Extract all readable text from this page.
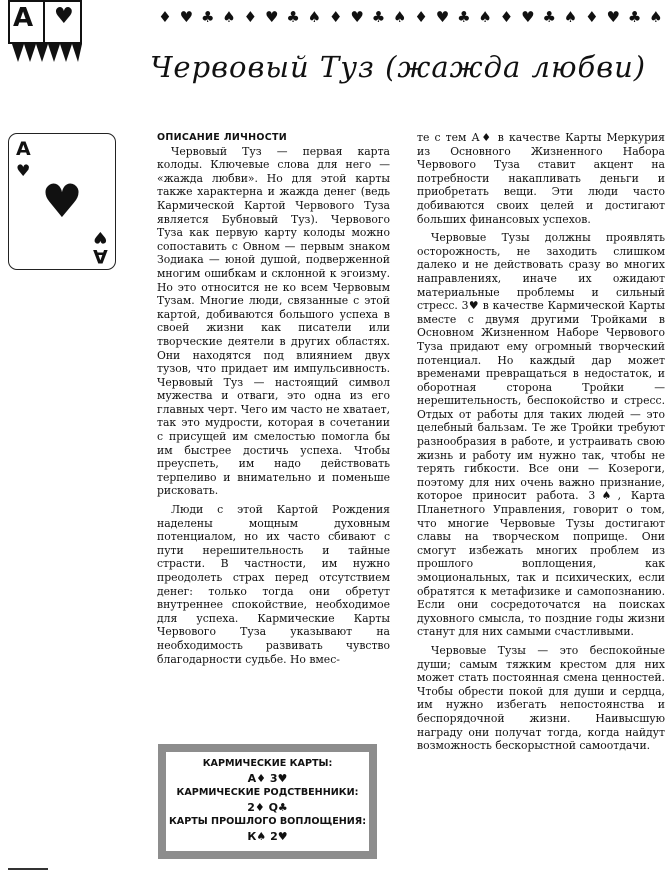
A ♥	♦ ♥ ♣ ♠ ♦ ♥ ♣ ♠ ♦ ♥ ♣ ♠ ♦ ♥ ♣ ♠ ♦ ♥ ♣ ♠ ♦ ♥ ♣ ♠
Червовый Туз (жажда любви)
A
♥
♥
A
♥

ОПИСАНИЕ ЛИЧНОСТИ

Червовый Туз — первая карта колоды. Ключевые слова для него — «жажда любви». Но для этой карты также характерна и жажда денег (ведь Кармической Картой Червового Туза является Бубновый Туз). Червового Туза как первую карту колоды можно сопоставить с Овном — первым знаком Зодиака — юной душой, подверженной многим ошибкам и склонной к эгоизму. Но это относится не ко всем Червовым Тузам. Многие люди, связанные с этой картой, добиваются большого успеха в своей жизни как писатели или творческие деятели в других областях. Они находятся под влиянием двух тузов, что придает им импульсивность. Червовый Туз — настоящий символ мужества и отваги, это одна из его главных черт. Чего им часто не хватает, так это мудрости, которая в сочетании с присущей им смелостью помогла бы им быстрее достичь успеха. Чтобы преуспеть, им надо действовать терпеливо и внимательно и поменьше рисковать.

Люди с этой Картой Рождения наделены мощным духовным потенциалом, но их часто сбивают с пути нерешительность и тайные страсти. В частности, им нужно преодолеть страх перед отсутствием денег: только тогда они обретут внутреннее спокойствие, необходимое для успеха. Кармические Карты Червового Туза указывают на необходимость развивать чувство благодарности судьбе. Но вмес-

те с тем А♦ в качестве Карты Меркурия из Основного Жизненного Набора Червового Туза ставит акцент на потребности накапливать деньги и приобретать вещи. Эти люди часто добиваются своих целей и достигают больших финансовых успехов.

Червовые Тузы должны проявлять осторожность, не заходить слишком далеко и не действовать сразу во многих направлениях, иначе их ожидают материальные проблемы и сильный стресс. 3♥ в качестве Кармической Карты вместе с двумя другими Тройками в Основном Жизненном Наборе Червового Туза придают ему огромный творческий потенциал. Но каждый дар может временами превращаться в недостаток, и оборотная сторона Тройки — нерешительность, беспокойство и стресс. Отдых от работы для таких людей — это целебный бальзам. Те же Тройки требуют разнообразия в работе, и устраивать свою жизнь и работу им нужно так, чтобы не терять гибкости. Все они — Козероги, поэтому для них очень важно признание, которое приносит работа. 3♠, Карта Планетного Управления, говорит о том, что многие Червовые Тузы достигают славы на творческом поприще. Они смогут избежать многих проблем из прошлого воплощения, как эмоциональных, так и психических, если обратятся к метафизике и самопознанию. Если они сосредоточатся на поисках духовного смысла, то поздние годы жизни станут для них самыми счастливыми.

Червовые Тузы — это беспокойные души; самым тяжким крестом для них может стать постоянная смена ценностей. Чтобы обрести покой для души и сердца, им нужно избегать непостоянства и беспорядочной жизни. Наивысшую награду они получат тогда, когда найдут возможность бескорыстной самоотдачи.

КАРМИЧЕСКИЕ КАРТЫ:
А♦ 3♥
КАРМИЧЕСКИЕ РОДСТВЕННИКИ:
2♦ Q♣
КАРТЫ ПРОШЛОГО ВОПЛОЩЕНИЯ:
К♠ 2♥
